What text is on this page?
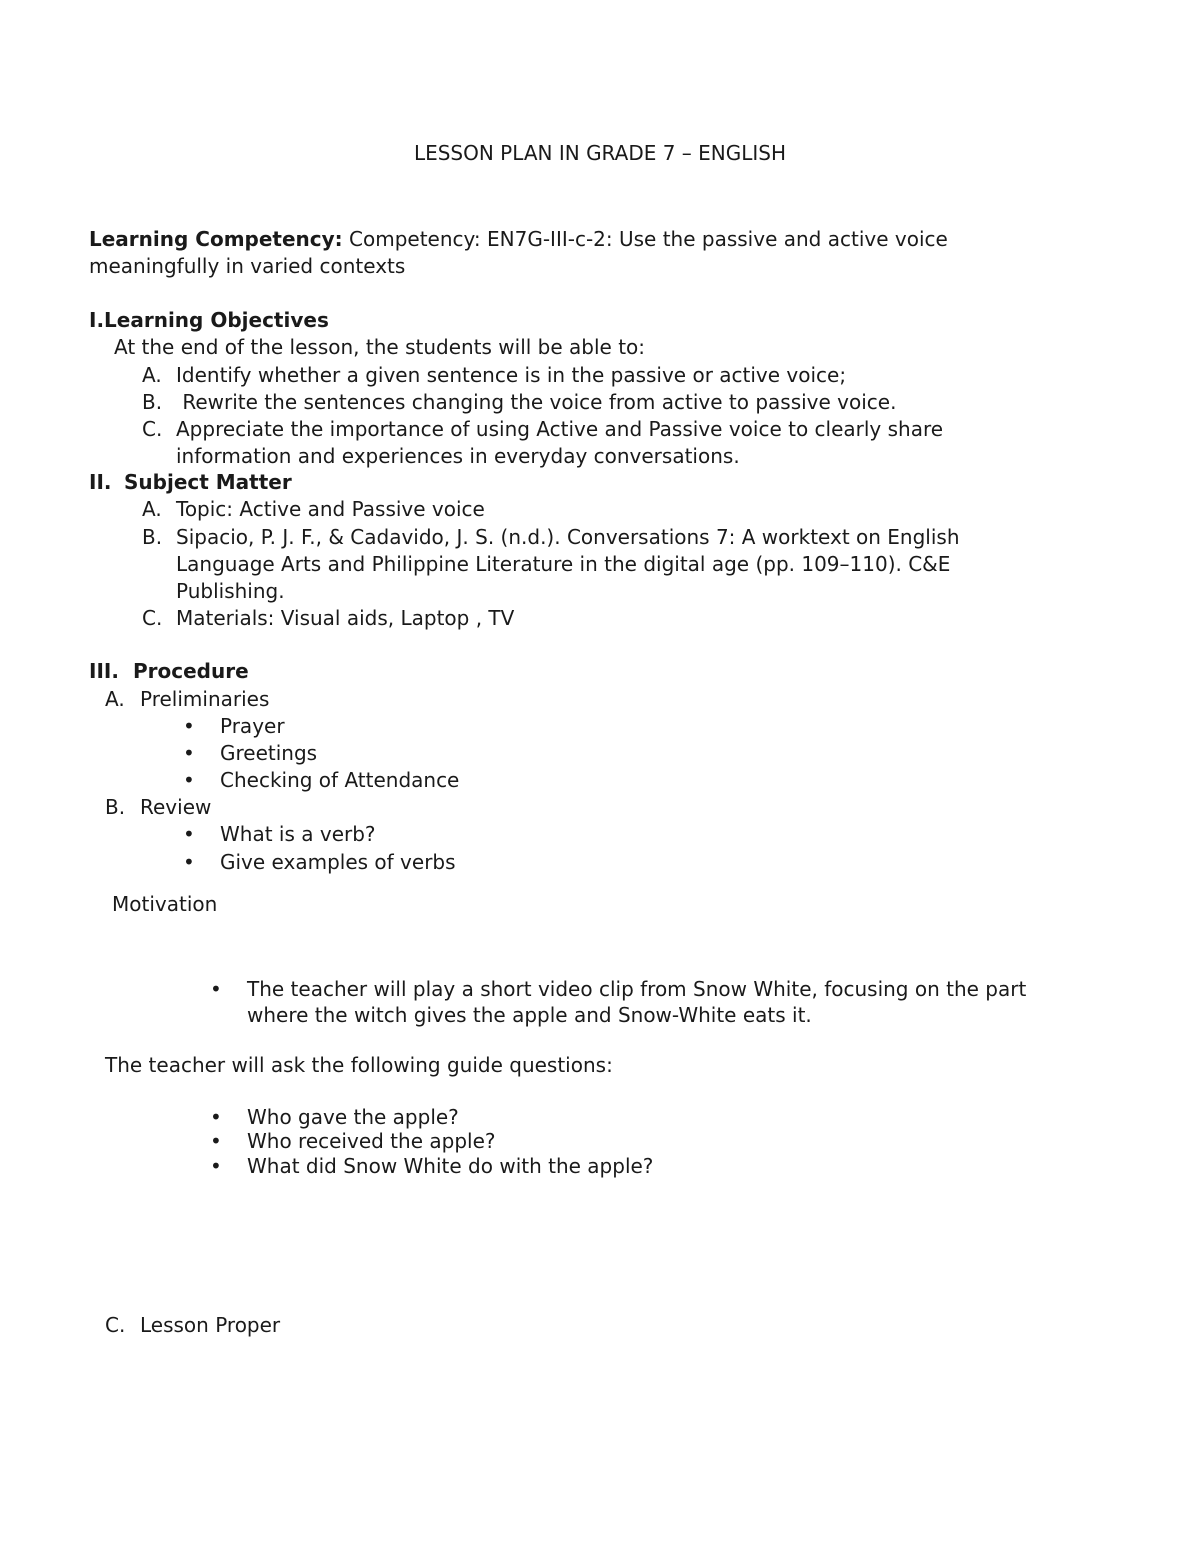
LESSON PLAN IN GRADE 7 – ENGLISH
Learning Competency: Competency: EN7G-III-c-2: Use the passive and active voice
meaningfully in varied contexts
I.Learning Objectives
At the end of the lesson, the students will be able to:
A. Identify whether a given sentence is in the passive or active voice;
B. Rewrite the sentences changing the voice from active to passive voice.
C. Appreciate the importance of using Active and Passive voice to clearly share
information and experiences in everyday conversations.
II. Subject Matter
A. Topic: Active and Passive voice
B. Sipacio, P. J. F., & Cadavido, J. S. (n.d.). Conversations 7: A worktext on English
Language Arts and Philippine Literature in the digital age (pp. 109–110). C&E
Publishing.
C. Materials: Visual aids, Laptop , TV
III. Procedure
A. Preliminaries
• Prayer
• Greetings
• Checking of Attendance
B. Review
• What is a verb?
• Give examples of verbs
Motivation
• The teacher will play a short video clip from Snow White, focusing on the part
where the witch gives the apple and Snow-White eats it.
The teacher will ask the following guide questions:
• Who gave the apple?
• Who received the apple?
• What did Snow White do with the apple?
C. Lesson Proper
